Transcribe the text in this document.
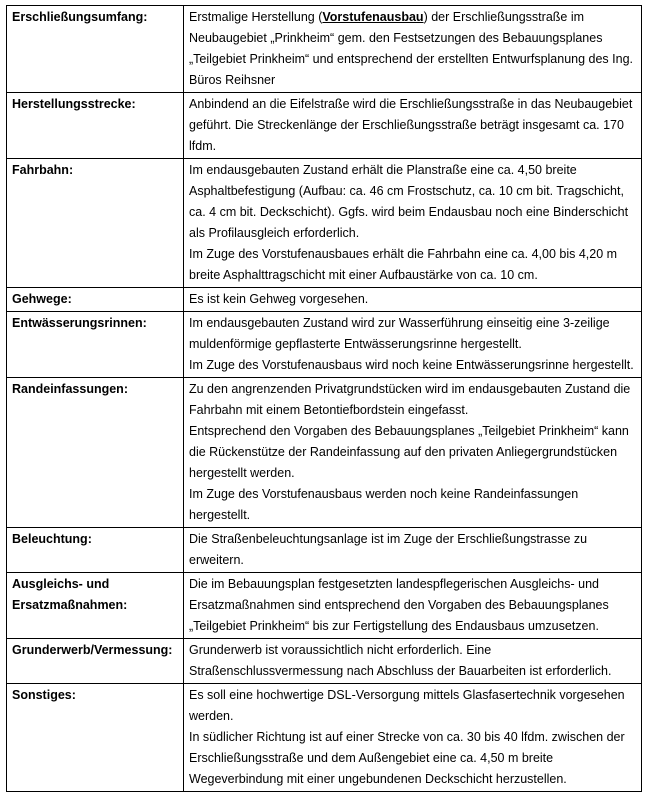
Erschließungsumfang:	Erstmalige Herstellung (Vorstufenausbau) der Erschließungsstraße im Neubaugebiet „Prinkheim“ gem. den Festsetzungen des Bebauungsplanes „Teilgebiet Prinkheim“ und entsprechend der erstellten Entwurfsplanung des Ing. Büros Reihsner

Herstellungsstrecke:	Anbindend an die Eifelstraße wird die Erschließungsstraße in das Neubaugebiet geführt. Die Streckenlänge der Erschließungsstraße beträgt insgesamt ca. 170 lfdm.

Fahrbahn:	Im endausgebauten Zustand erhält die Planstraße eine ca. 4,50 breite Asphaltbefestigung (Aufbau: ca. 46 cm Frostschutz, ca. 10 cm bit. Tragschicht, ca. 4 cm bit. Deckschicht). Ggfs. wird beim Endausbau noch eine Binderschicht als Profilausgleich erforderlich.
Im Zuge des Vorstufenausbaues erhält die Fahrbahn eine ca. 4,00 bis 4,20 m breite Asphalttragschicht mit einer Aufbaustärke von ca. 10 cm.

Gehwege:	Es ist kein Gehweg vorgesehen.

Entwässerungsrinnen:	Im endausgebauten Zustand wird zur Wasserführung einseitig eine 3-zeilige muldenförmige gepflasterte Entwässerungsrinne hergestellt.
Im Zuge des Vorstufenausbaus wird noch keine Entwässerungsrinne hergestellt.

Randeinfassungen:	Zu den angrenzenden Privatgrundstücken wird im endausgebauten Zustand die Fahrbahn mit einem Betontiefbordstein eingefasst.
Entsprechend den Vorgaben des Bebauungsplanes „Teilgebiet Prinkheim“ kann die Rückenstütze der Randeinfassung auf den privaten Anliegergrundstücken hergestellt werden.
Im Zuge des Vorstufenausbaus werden noch keine Randeinfassungen hergestellt.

Beleuchtung:	Die Straßenbeleuchtungsanlage ist im Zuge der Erschließungstrasse zu erweitern.

Ausgleichs- und Ersatzmaßnahmen:	Die im Bebauungsplan festgesetzten landespflegerischen Ausgleichs- und Ersatzmaßnahmen sind entsprechend den Vorgaben des Bebauungsplanes „Teilgebiet Prinkheim“ bis zur Fertigstellung des Endausbaus umzusetzen.

Grunderwerb/Vermessung:	Grunderwerb ist voraussichtlich nicht erforderlich. Eine Straßenschlussvermessung nach Abschluss der Bauarbeiten ist erforderlich.

Sonstiges:	Es soll eine hochwertige DSL-Versorgung mittels Glasfasertechnik vorgesehen werden.
In südlicher Richtung ist auf einer Strecke von ca. 30 bis 40 lfdm. zwischen der Erschließungsstraße und dem Außengebiet eine ca. 4,50 m breite Wegeverbindung mit einer ungebundenen Deckschicht herzustellen.
